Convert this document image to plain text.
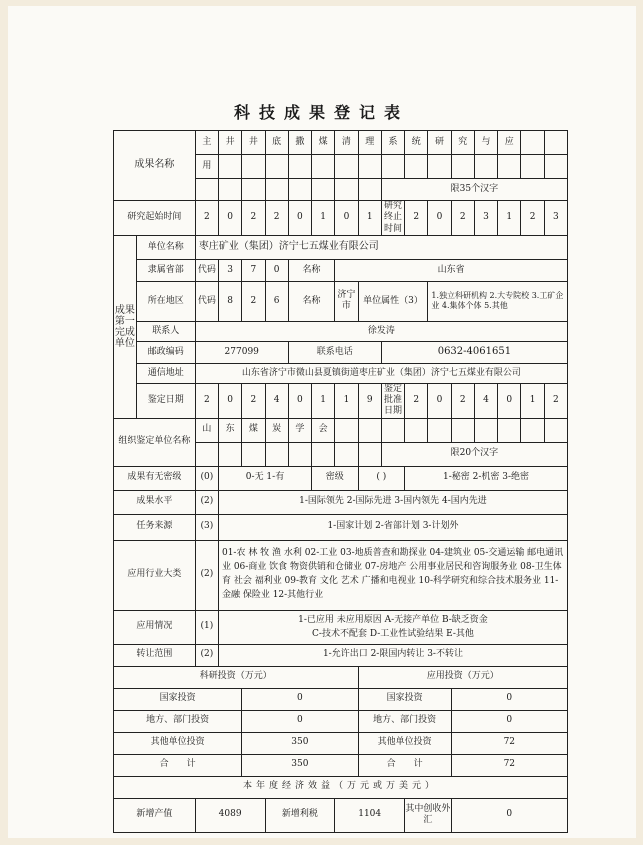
科技成果登记表
成果名称		主	井	井	底	撒	煤	清	理	系	统	研	究	与	应			
		用																
										限35个汉字								
研究起始时间		2	0	2	2	0	1	0	1	研究终止时间	2	0	2	3	1	2	3	
成果第一完成单位	单位名称	枣庄矿业（集团）济宁七五煤业有限公司																
	隶属省部	代码	3	7	0	名称		山东省										
	所在地区	代码	8	2	6	名称		济宁市	单位属性（3）			1.独立科研机构 2.大专院校 3.工矿企业 4.集体个体 5.其他						
	联系人	徐发涛																
	邮政编码	277099				联系电话				0632-4061651								
	通信地址	山东省济宁市微山县夏镇街道枣庄矿业（集团）济宁七五煤业有限公司																
	鉴定日期	2	0	2	4	0	1	1	9	鉴定批准日期	2	0	2	4	0	1	2	
组织鉴定单位名称		山	东	煤	炭	学	会											
										限20个汉字								
成果有无密级		(0)	0-无 1-有				密级		( )		1-秘密 2-机密 3-绝密							
成果水平		(2)	1-国际领先 2-国际先进 3-国内领先 4-国内先进															
任务来源		(3)	1-国家计划 2-省部计划 3-计划外															
应用行业大类		(2)	01-农 林 牧 渔 水利 02-工业 03-地质普查和勘探业 04-建筑业 05-交通运输 邮电通讯业 06-商业 饮食 物资供销和仓储业 07-房地产 公用事业居民和咨询服务业 08-卫生体育 社会 福利业 09-教育 文化 艺术 广播和电视业 10-科学研究和综合技术服务业 11-金融 保险业 12-其他行业															
应用情况		(1)	1-已应用 未应用原因 A-无接产单位 B-缺乏资金
C-技术不配套 D-工业性试验结果 E-其他															

转让范围		(2)	1-允许出口 2-限国内转让 3-不转让															
科研投资（万元）									应用投资（万元）									
国家投资				0					国家投资				0					
地方、部门投资				0					地方、部门投资				0					
其他单位投资				350					其他单位投资				72					
合　　计				350					合　　计				72					
本年度经济效益（万元或万美元）																		
新增产值		4089			新增利税			1104			其中创收外汇		0					
